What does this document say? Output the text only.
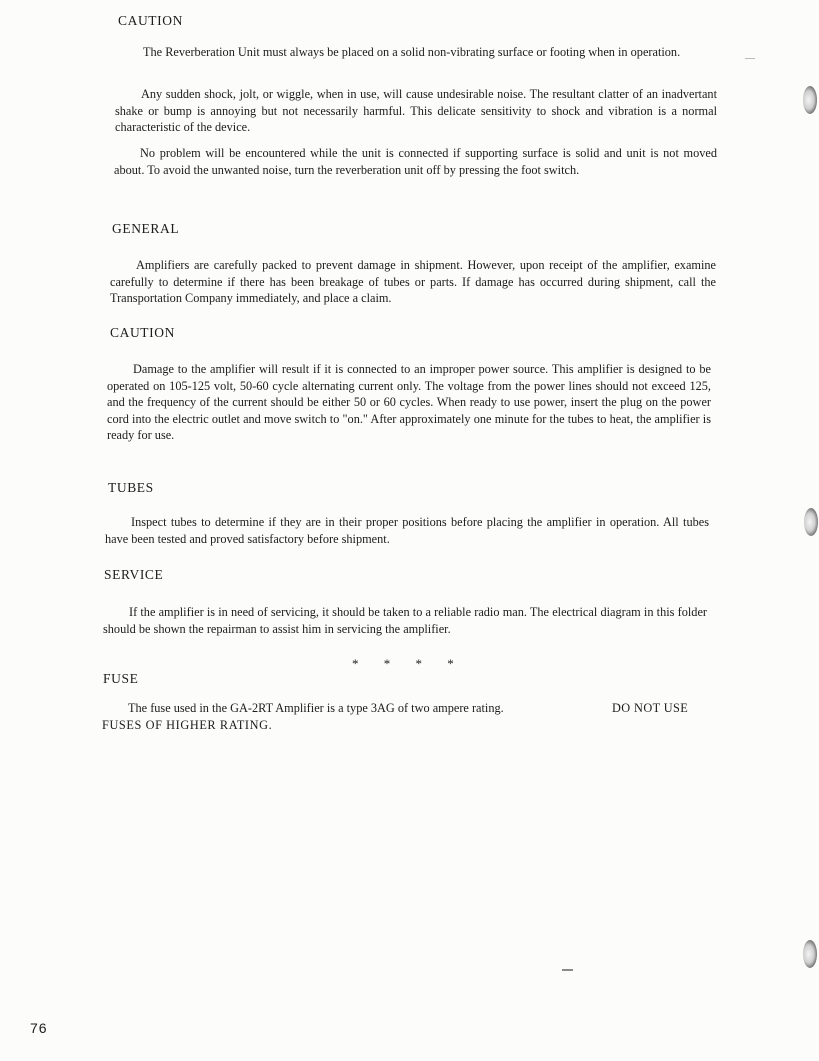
CAUTION

The Reverberation Unit must always be placed on a solid non-vibrating surface or footing when in operation.

Any sudden shock, jolt, or wiggle, when in use, will cause undesirable noise. The resultant clatter of an inadvertant shake or bump is annoying but not necessarily harmful. This delicate sensitivity to shock and vibration is a normal characteristic of the device.

No problem will be encountered while the unit is connected if supporting surface is solid and unit is not moved about. To avoid the unwanted noise, turn the reverberation unit off by pressing the foot switch.

GENERAL

Amplifiers are carefully packed to prevent damage in shipment. However, upon receipt of the amplifier, examine carefully to determine if there has been breakage of tubes or parts. If damage has occurred during shipment, call the Transportation Company immediately, and place a claim.

CAUTION

Damage to the amplifier will result if it is connected to an improper power source. This amplifier is designed to be operated on 105-125 volt, 50-60 cycle alternating current only. The voltage from the power lines should not exceed 125, and the frequency of the current should be either 50 or 60 cycles. When ready to use power, insert the plug on the power cord into the electric outlet and move switch to "on." After approximately one minute for the tubes to heat, the amplifier is ready for use.

TUBES

Inspect tubes to determine if they are in their proper positions before placing the amplifier in operation. All tubes have been tested and proved satisfactory before shipment.

SERVICE

If the amplifier is in need of servicing, it should be taken to a reliable radio man. The electrical diagram in this folder should be shown the repairman to assist him in servicing the amplifier.

* * * *
FUSE
The fuse used in the GA-2RT Amplifier is a type 3AG of two ampere rating.	DO NOT USE
FUSES OF HIGHER RATING.
76
